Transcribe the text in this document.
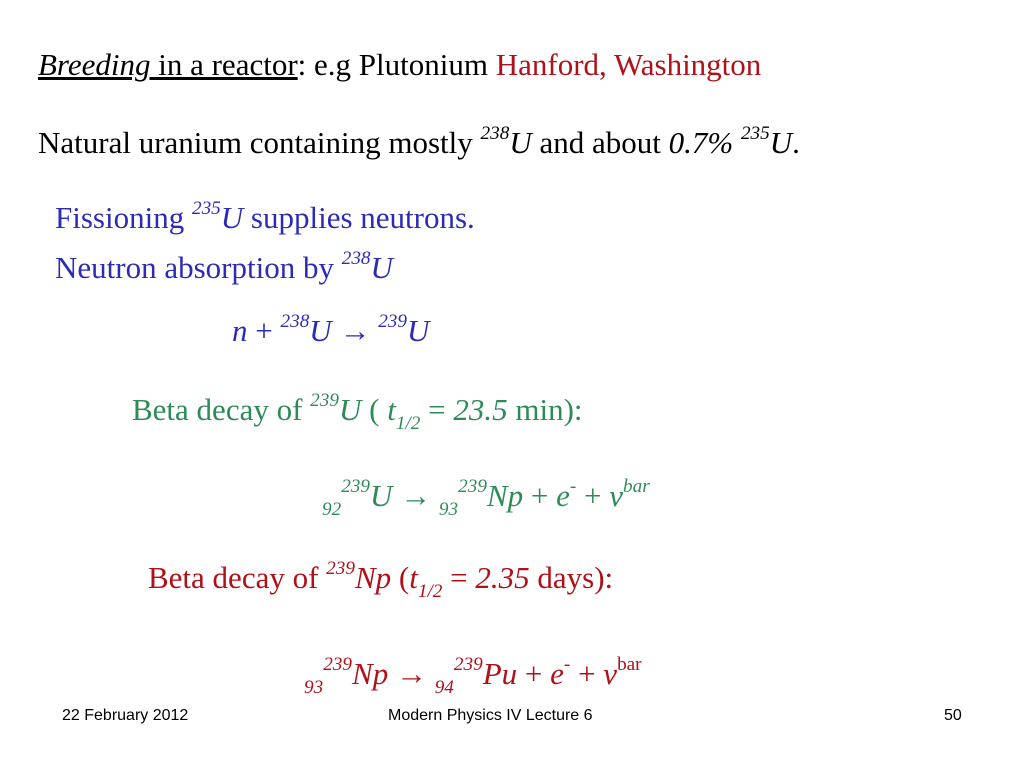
Breeding in a reactor: e.g Plutonium Hanford, Washington
Natural uranium containing mostly $^{238}$U and about 0.7% $^{235}$U.
Fissioning $^{235}$U supplies neutrons.
Neutron absorption by $^{238}$U
n + $^{238}$U → $^{239}$U
Beta decay of $^{239}$U ( $t_{1/2} = 23.5$ min):
$_{92}^{239}U \to _{93}^{239}Np + e^- + \nu^{bar}$
Beta decay of $^{239}$Np ($t_{1/2} = 2.35$ days):
$_{93}^{239}Np \to _{94}^{239}Pu + e^- + \nu^{bar}$
22 February 2012	Modern Physics IV Lecture 6	50
